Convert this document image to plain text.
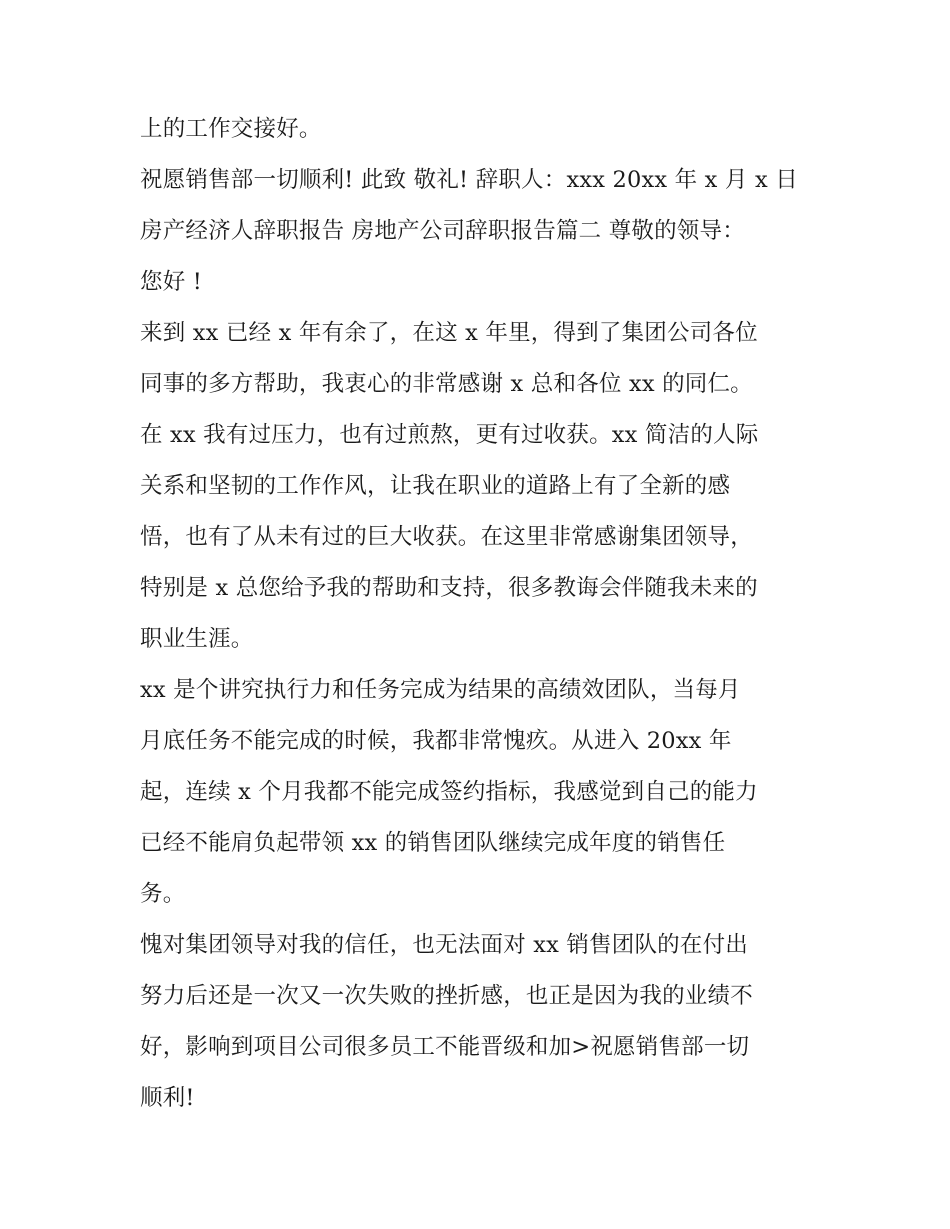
上的工作交接好。
祝愿销售部一切顺利! 此致 敬礼! 辞职人：xxx 20xx 年 x 月 x 日
房产经济人辞职报告 房地产公司辞职报告篇二 尊敬的领导：
您好 !
来到 xx 已经 x 年有余了，在这 x 年里，得到了集团公司各位
同事的多方帮助，我衷心的非常感谢 x 总和各位 xx 的同仁。
在 xx 我有过压力，也有过煎熬，更有过收获。xx 简洁的人际
关系和坚韧的工作作风，让我在职业的道路上有了全新的感
悟，也有了从未有过的巨大收获。在这里非常感谢集团领导，
特别是 x 总您给予我的帮助和支持，很多教诲会伴随我未来的
职业生涯。
xx 是个讲究执行力和任务完成为结果的高绩效团队，当每月
月底任务不能完成的时候，我都非常愧疚。从进入 20xx 年
起，连续 x 个月我都不能完成签约指标，我感觉到自己的能力
已经不能肩负起带领 xx 的销售团队继续完成年度的销售任
务。
愧对集团领导对我的信任，也无法面对 xx 销售团队的在付出
努力后还是一次又一次失败的挫折感，也正是因为我的业绩不
好，影响到项目公司很多员工不能晋级和加>祝愿销售部一切
顺利!
